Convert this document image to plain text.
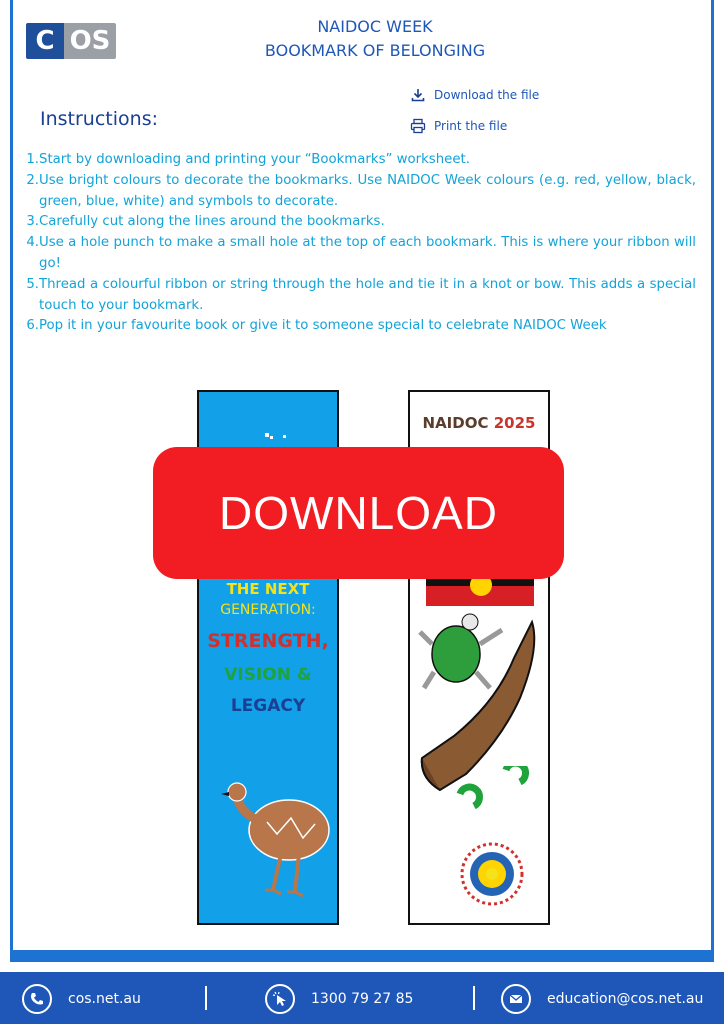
C OS	NAIDOC WEEK
BOOKMARK OF BELONGING
Download the file
Print the file
Instructions:
1. Start by downloading and printing your “Bookmarks” worksheet.
2. Use bright colours to decorate the bookmarks. Use NAIDOC Week colours (e.g. red, yellow, black, green, blue, white) and symbols to decorate.
3. Carefully cut along the lines around the bookmarks.
4. Use a hole punch to make a small hole at the top of each bookmark. This is where your ribbon will go!
5. Thread a colourful ribbon or string through the hole and tie it in a knot or bow. This adds a special touch to your bookmark.
6. Pop it in your favourite book or give it to someone special to celebrate NAIDOC Week
THE NEXT
GENERATION:
STRENGTH,
VISION &
LEGACY
NAIDOC 2025
DOWNLOAD
cos.net.au	1300 79 27 85	education@cos.net.au
